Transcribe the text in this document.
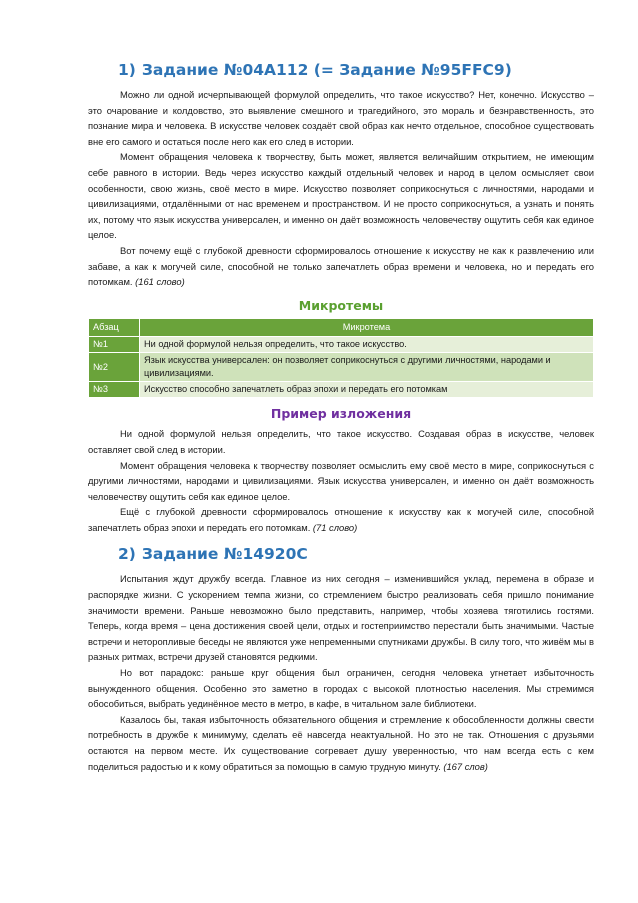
1) Задание №04A112 (= Задание №95FFC9)

Можно ли одной исчерпывающей формулой определить, что такое искусство? Нет, конечно. Искусство – это очарование и колдовство, это выявление смешного и трагедийного, это мораль и безнравственность, это познание мира и человека. В искусстве человек создаёт свой образ как нечто отдельное, способное существовать вне его самого и остаться после него как его след в истории.

Момент обращения человека к творчеству, быть может, является величайшим открытием, не имеющим себе равного в истории. Ведь через искусство каждый отдельный человек и народ в целом осмысляет свои особенности, свою жизнь, своё место в мире. Искусство позволяет соприкоснуться с личностями, народами и цивилизациями, отдалёнными от нас временем и пространством. И не просто соприкоснуться, а узнать и понять их, потому что язык искусства универсален, и именно он даёт возможность человечеству ощутить себя как единое целое.

Вот почему ещё с глубокой древности сформировалось отношение к искусству не как к развлечению или забаве, а как к могучей силе, способной не только запечатлеть образ времени и человека, но и передать его потомкам. (161 слово)

Микротемы
Абзац	Микротема
№1	Ни одной формулой нельзя определить, что такое искусство.
№2	Язык искусства универсален: он позволяет соприкоснуться с другими личностями, народами и цивилизациями.
№3	Искусство способно запечатлеть образ эпохи и передать его потомкам
Пример изложения

Ни одной формулой нельзя определить, что такое искусство. Создавая образ в искусстве, человек оставляет свой след в истории.

Момент обращения человека к творчеству позволяет осмыслить ему своё место в мире, соприкоснуться с другими личностями, народами и цивилизациями. Язык искусства универсален, и именно он даёт возможность человечеству ощутить себя как единое целое.

Ещё с глубокой древности сформировалось отношение к искусству как к могучей силе, способной запечатлеть образ эпохи и передать его потомкам. (71 слово)

2) Задание №14920C

Испытания ждут дружбу всегда. Главное из них сегодня – изменившийся уклад, перемена в образе и распорядке жизни. С ускорением темпа жизни, со стремлением быстро реализовать себя пришло понимание значимости времени. Раньше невозможно было представить, например, чтобы хозяева тяготились гостями. Теперь, когда время – цена достижения своей цели, отдых и гостеприимство перестали быть значимыми. Частые встречи и неторопливые беседы не являются уже непременными спутниками дружбы. В силу того, что живём мы в разных ритмах, встречи друзей становятся редкими.

Но вот парадокс: раньше круг общения был ограничен, сегодня человека угнетает избыточность вынужденного общения. Особенно это заметно в городах с высокой плотностью населения. Мы стремимся обособиться, выбрать уединённое место в метро, в кафе, в читальном зале библиотеки.

Казалось бы, такая избыточность обязательного общения и стремление к обособленности должны свести потребность в дружбе к минимуму, сделать её навсегда неактуальной. Но это не так. Отношения с друзьями остаются на первом месте. Их существование согревает душу уверенностью, что нам всегда есть с кем поделиться радостью и к кому обратиться за помощью в самую трудную минуту. (167 слов)
